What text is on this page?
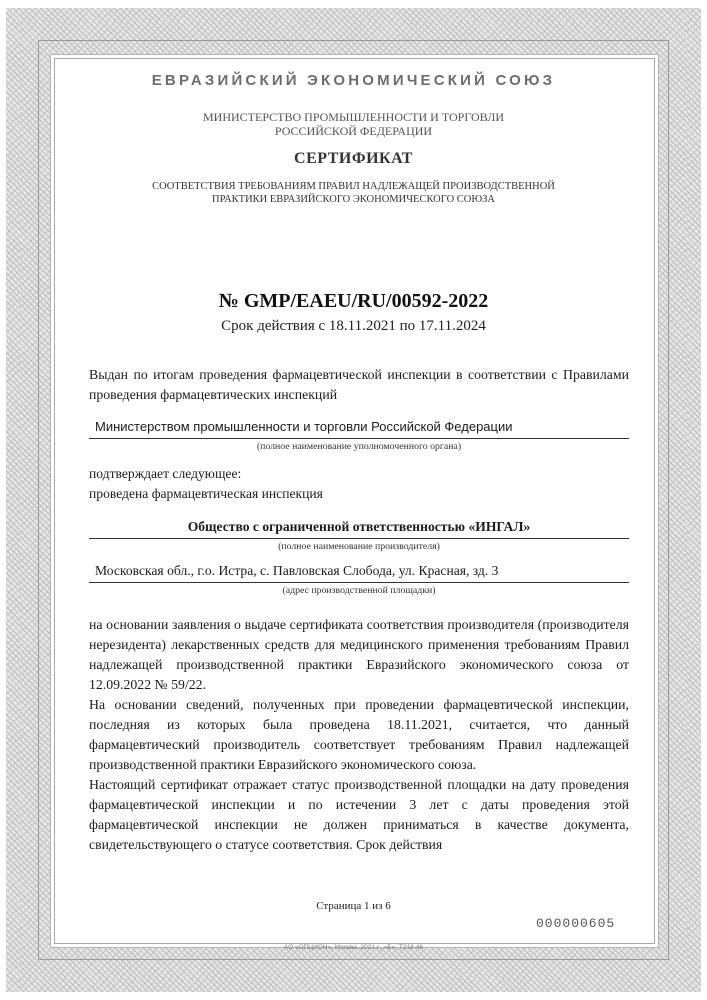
ЕВРАЗИЙСКИЙ ЭКОНОМИЧЕСКИЙ СОЮЗ
МИНИСТЕРСТВО ПРОМЫШЛЕННОСТИ И ТОРГОВЛИ
РОССИЙСКОЙ ФЕДЕРАЦИИ
СЕРТИФИКАТ
СООТВЕТСТВИЯ ТРЕБОВАНИЯМ ПРАВИЛ НАДЛЕЖАЩЕЙ ПРОИЗВОДСТВЕННОЙ
ПРАКТИКИ ЕВРАЗИЙСКОГО ЭКОНОМИЧЕСКОГО СОЮЗА
№ GMP/EAEU/RU/00592-2022
Срок действия с 18.11.2021 по 17.11.2024
Выдан по итогам проведения фармацевтической инспекции в соответствии с Правилами проведения фармацевтических инспекций
Министерством промышленности и торговли Российской Федерации
(полное наименование уполномоченного органа)
подтверждает следующее:
проведена фармацевтическая инспекция
Общество с ограниченной ответственностью «ИНГАЛ»
(полное наименование производителя)
Московская обл., г.о. Истра, с. Павловская Слобода, ул. Красная, зд. 3
(адрес производственной площадки)

на основании заявления о выдаче сертификата соответствия производителя (производителя нерезидента) лекарственных средств для медицинского применения требованиям Правил надлежащей производственной практики Евразийского экономического союза от 12.09.2022 № 59/22.

На основании сведений, полученных при проведении фармацевтической инспекции, последняя из которых была проведена 18.11.2021, считается, что данный фармацевтический производитель соответствует требованиям Правил надлежащей производственной практики Евразийского экономического союза.

Настоящий сертификат отражает статус производственной площадки на дату проведения фармацевтической инспекции и по истечении 3 лет с даты проведения этой фармацевтической инспекции не должен приниматься в качестве документа, свидетельствующего о статусе соответствия. Срок действия

Страница 1 из 6
000000605
АО «ОПЦИОН», Москва, 2021 г., «Б», Т218-46
